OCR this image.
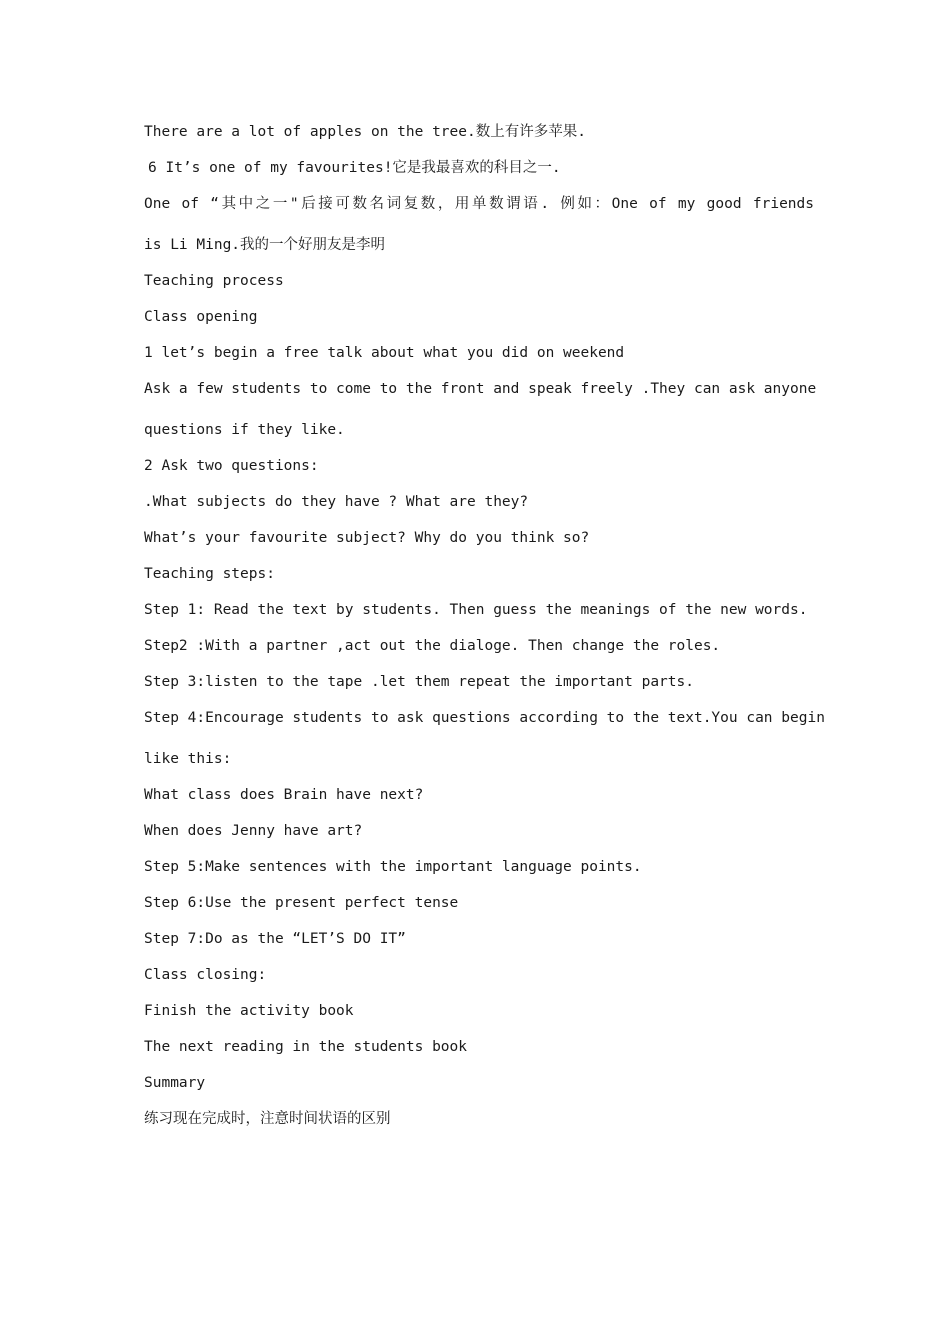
There are a lot of apples on the tree.数上有许多苹果.
6 It’s one of my favourites!它是我最喜欢的科目之一.
One of “其中之一"后接可数名词复数，用单数谓语. 例如：One of my good friends
is Li Ming.我的一个好朋友是李明
Teaching process
Class opening
1 let’s begin a free talk about what you did on weekend
Ask a few students to come to the front and speak freely .They can ask anyone
questions if they like.
2 Ask two questions:
.What subjects do they have ? What are they?
What’s your favourite subject? Why do you think so?
Teaching steps:
Step 1: Read the text by students. Then guess the meanings of the new words.
Step2 :With a partner ,act out the dialoge. Then change the roles.
Step 3:listen to the tape .let them repeat the important parts.
Step 4:Encourage students to ask questions according to the text.You can begin
like this:
What class does Brain have next?
When does Jenny have art?
Step 5:Make sentences with the important language points.
Step 6:Use the present perfect tense
Step 7:Do as the “LET’S DO IT”
Class closing:
Finish the activity book
The next reading in the students book
Summary
练习现在完成时，注意时间状语的区别
